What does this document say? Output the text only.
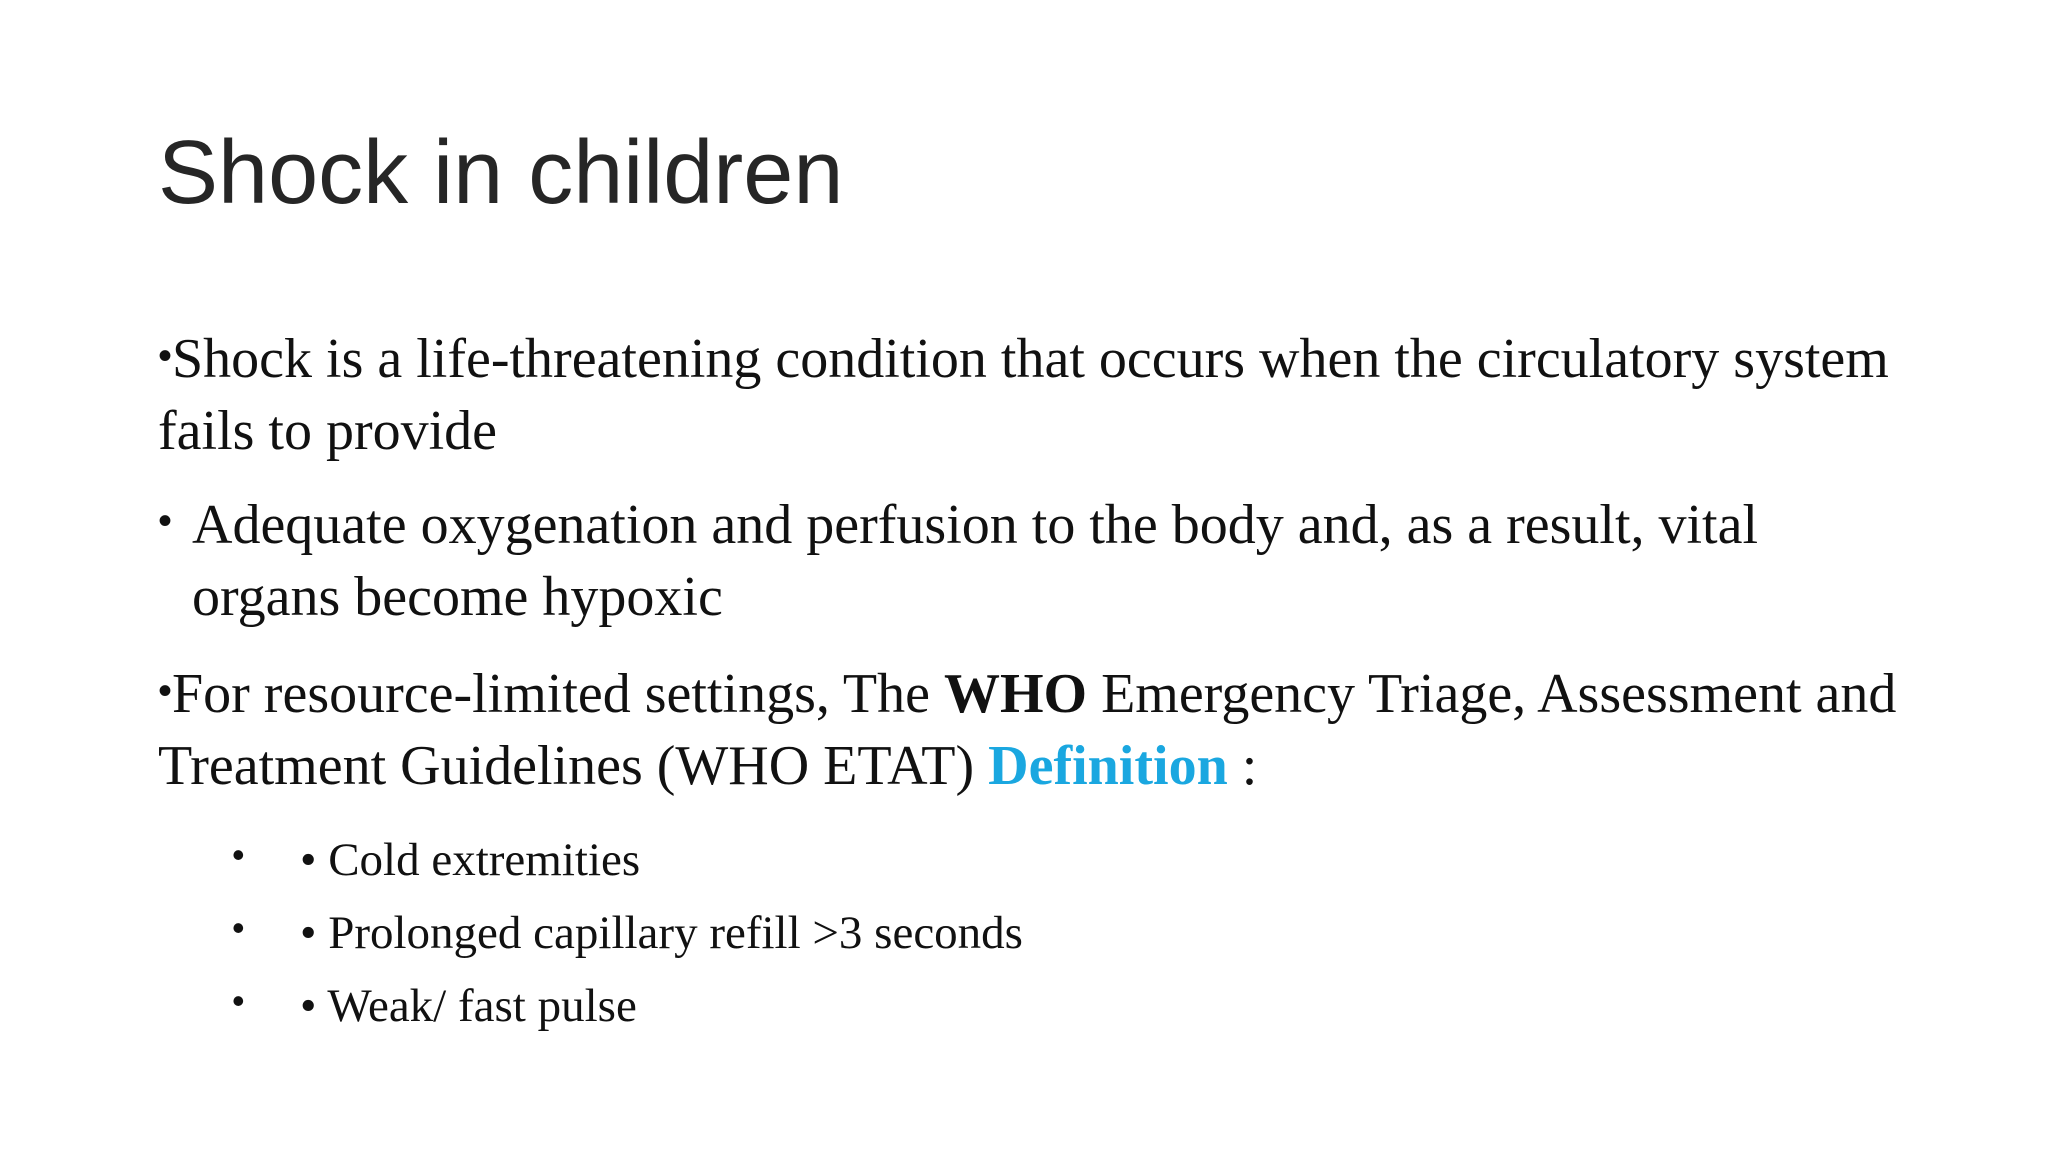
Shock in children

•Shock is a life-threatening condition that occurs when the circulatory system fails to provide

• Adequate oxygenation and perfusion to the body and, as a result, vital organs become hypoxic

•For resource-limited settings, The WHO Emergency Triage, Assessment and Treatment Guidelines (WHO ETAT) Definition :

• • Cold extremities
• • Prolonged capillary refill >3 seconds
• • Weak/ fast pulse
